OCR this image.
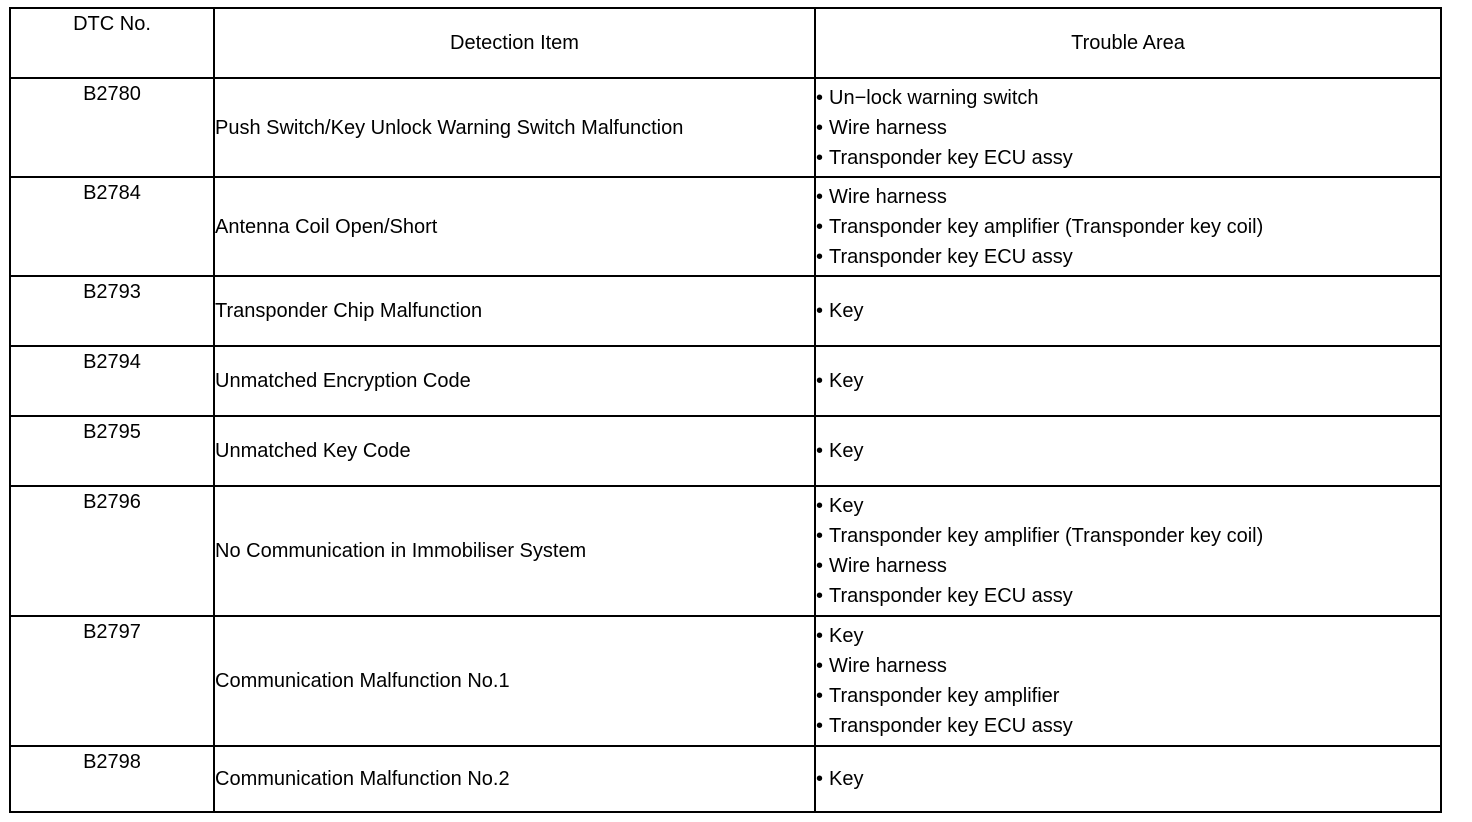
DTC No.	Detection Item	Trouble Area
B2780	Push Switch/Key Unlock Warning Switch Malfunction	• Un−lock warning switch
• Wire harness
• Transponder key ECU assy

B2784	Antenna Coil Open/Short	• Wire harness
• Transponder key amplifier (Transponder key coil)
• Transponder key ECU assy

B2793	Transponder Chip Malfunction	• Key

B2794	Unmatched Encryption Code	• Key

B2795	Unmatched Key Code	• Key

B2796	No Communication in Immobiliser System	• Key
• Transponder key amplifier (Transponder key coil)
• Wire harness
• Transponder key ECU assy

B2797	Communication Malfunction No.1	• Key
• Wire harness
• Transponder key amplifier
• Transponder key ECU assy

B2798	Communication Malfunction No.2	• Key
